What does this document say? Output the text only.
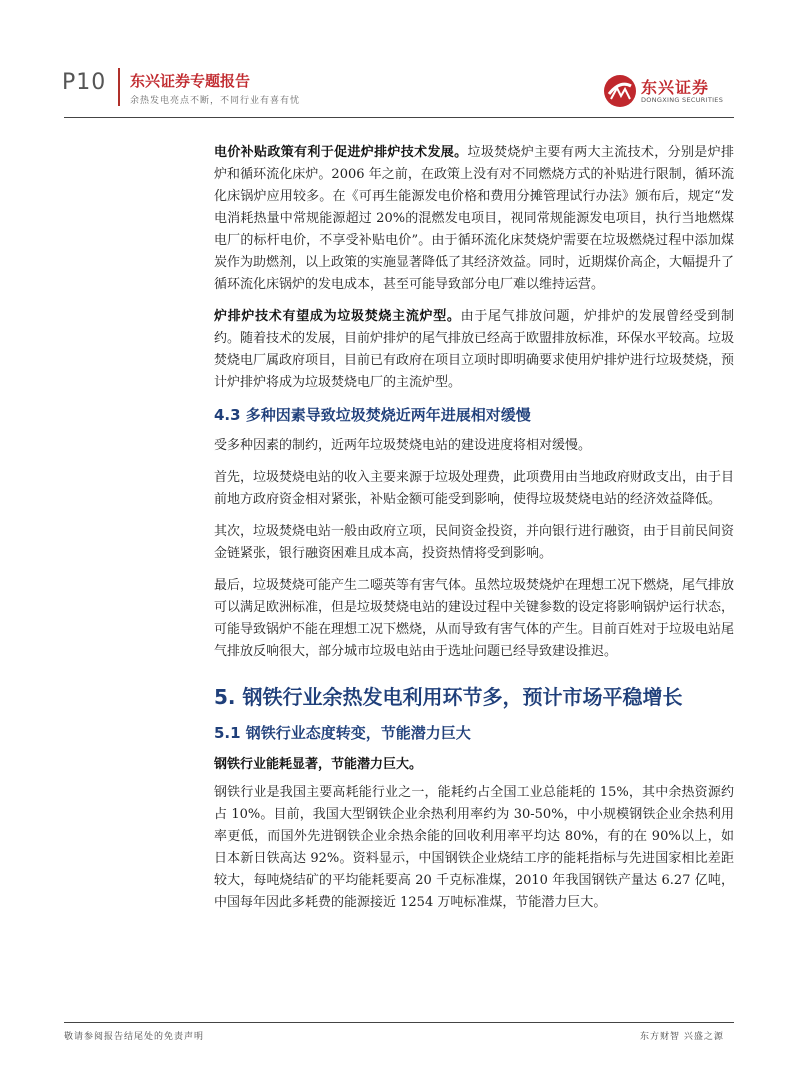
P10 东兴证券专题报告
余热发电亮点不断，不同行业有喜有忧
东兴证券
DONGXING SECURITIES

电价补贴政策有利于促进炉排炉技术发展。垃圾焚烧炉主要有两大主流技术，分别是炉排炉和循环流化床炉。2006 年之前，在政策上没有对不同燃烧方式的补贴进行限制，循环流化床锅炉应用较多。在《可再生能源发电价格和费用分摊管理试行办法》颁布后，规定“发电消耗热量中常规能源超过 20%的混燃发电项目，视同常规能源发电项目，执行当地燃煤电厂的标杆电价，不享受补贴电价”。由于循环流化床焚烧炉需要在垃圾燃烧过程中添加煤炭作为助燃剂，以上政策的实施显著降低了其经济效益。同时，近期煤价高企，大幅提升了循环流化床锅炉的发电成本，甚至可能导致部分电厂难以维持运营。

炉排炉技术有望成为垃圾焚烧主流炉型。由于尾气排放问题，炉排炉的发展曾经受到制约。随着技术的发展，目前炉排炉的尾气排放已经高于欧盟排放标准，环保水平较高。垃圾焚烧电厂属政府项目，目前已有政府在项目立项时即明确要求使用炉排炉进行垃圾焚烧，预计炉排炉将成为垃圾焚烧电厂的主流炉型。

4.3 多种因素导致垃圾焚烧近两年进展相对缓慢

受多种因素的制约，近两年垃圾焚烧电站的建设进度将相对缓慢。

首先，垃圾焚烧电站的收入主要来源于垃圾处理费，此项费用由当地政府财政支出，由于目前地方政府资金相对紧张，补贴金额可能受到影响，使得垃圾焚烧电站的经济效益降低。

其次，垃圾焚烧电站一般由政府立项，民间资金投资，并向银行进行融资，由于目前民间资金链紧张，银行融资困难且成本高，投资热情将受到影响。

最后，垃圾焚烧可能产生二噁英等有害气体。虽然垃圾焚烧炉在理想工况下燃烧，尾气排放可以满足欧洲标准，但是垃圾焚烧电站的建设过程中关键参数的设定将影响锅炉运行状态，可能导致锅炉不能在理想工况下燃烧，从而导致有害气体的产生。目前百姓对于垃圾电站尾气排放反响很大，部分城市垃圾电站由于选址问题已经导致建设推迟。

5. 钢铁行业余热发电利用环节多，预计市场平稳增长
5.1 钢铁行业态度转变，节能潜力巨大
钢铁行业能耗显著，节能潜力巨大。

钢铁行业是我国主要高耗能行业之一，能耗约占全国工业总能耗的 15%，其中余热资源约占 10%。目前，我国大型钢铁企业余热利用率约为 30-50%，中小规模钢铁企业余热利用率更低，而国外先进钢铁企业余热余能的回收利用率平均达 80%，有的在 90%以上，如日本新日铁高达 92%。资料显示，中国钢铁企业烧结工序的能耗指标与先进国家相比差距较大，每吨烧结矿的平均能耗要高 20 千克标准煤，2010 年我国钢铁产量达 6.27 亿吨，中国每年因此多耗费的能源接近 1254 万吨标准煤，节能潜力巨大。

敬请参阅报告结尾处的免责声明	东方财智 兴盛之源
